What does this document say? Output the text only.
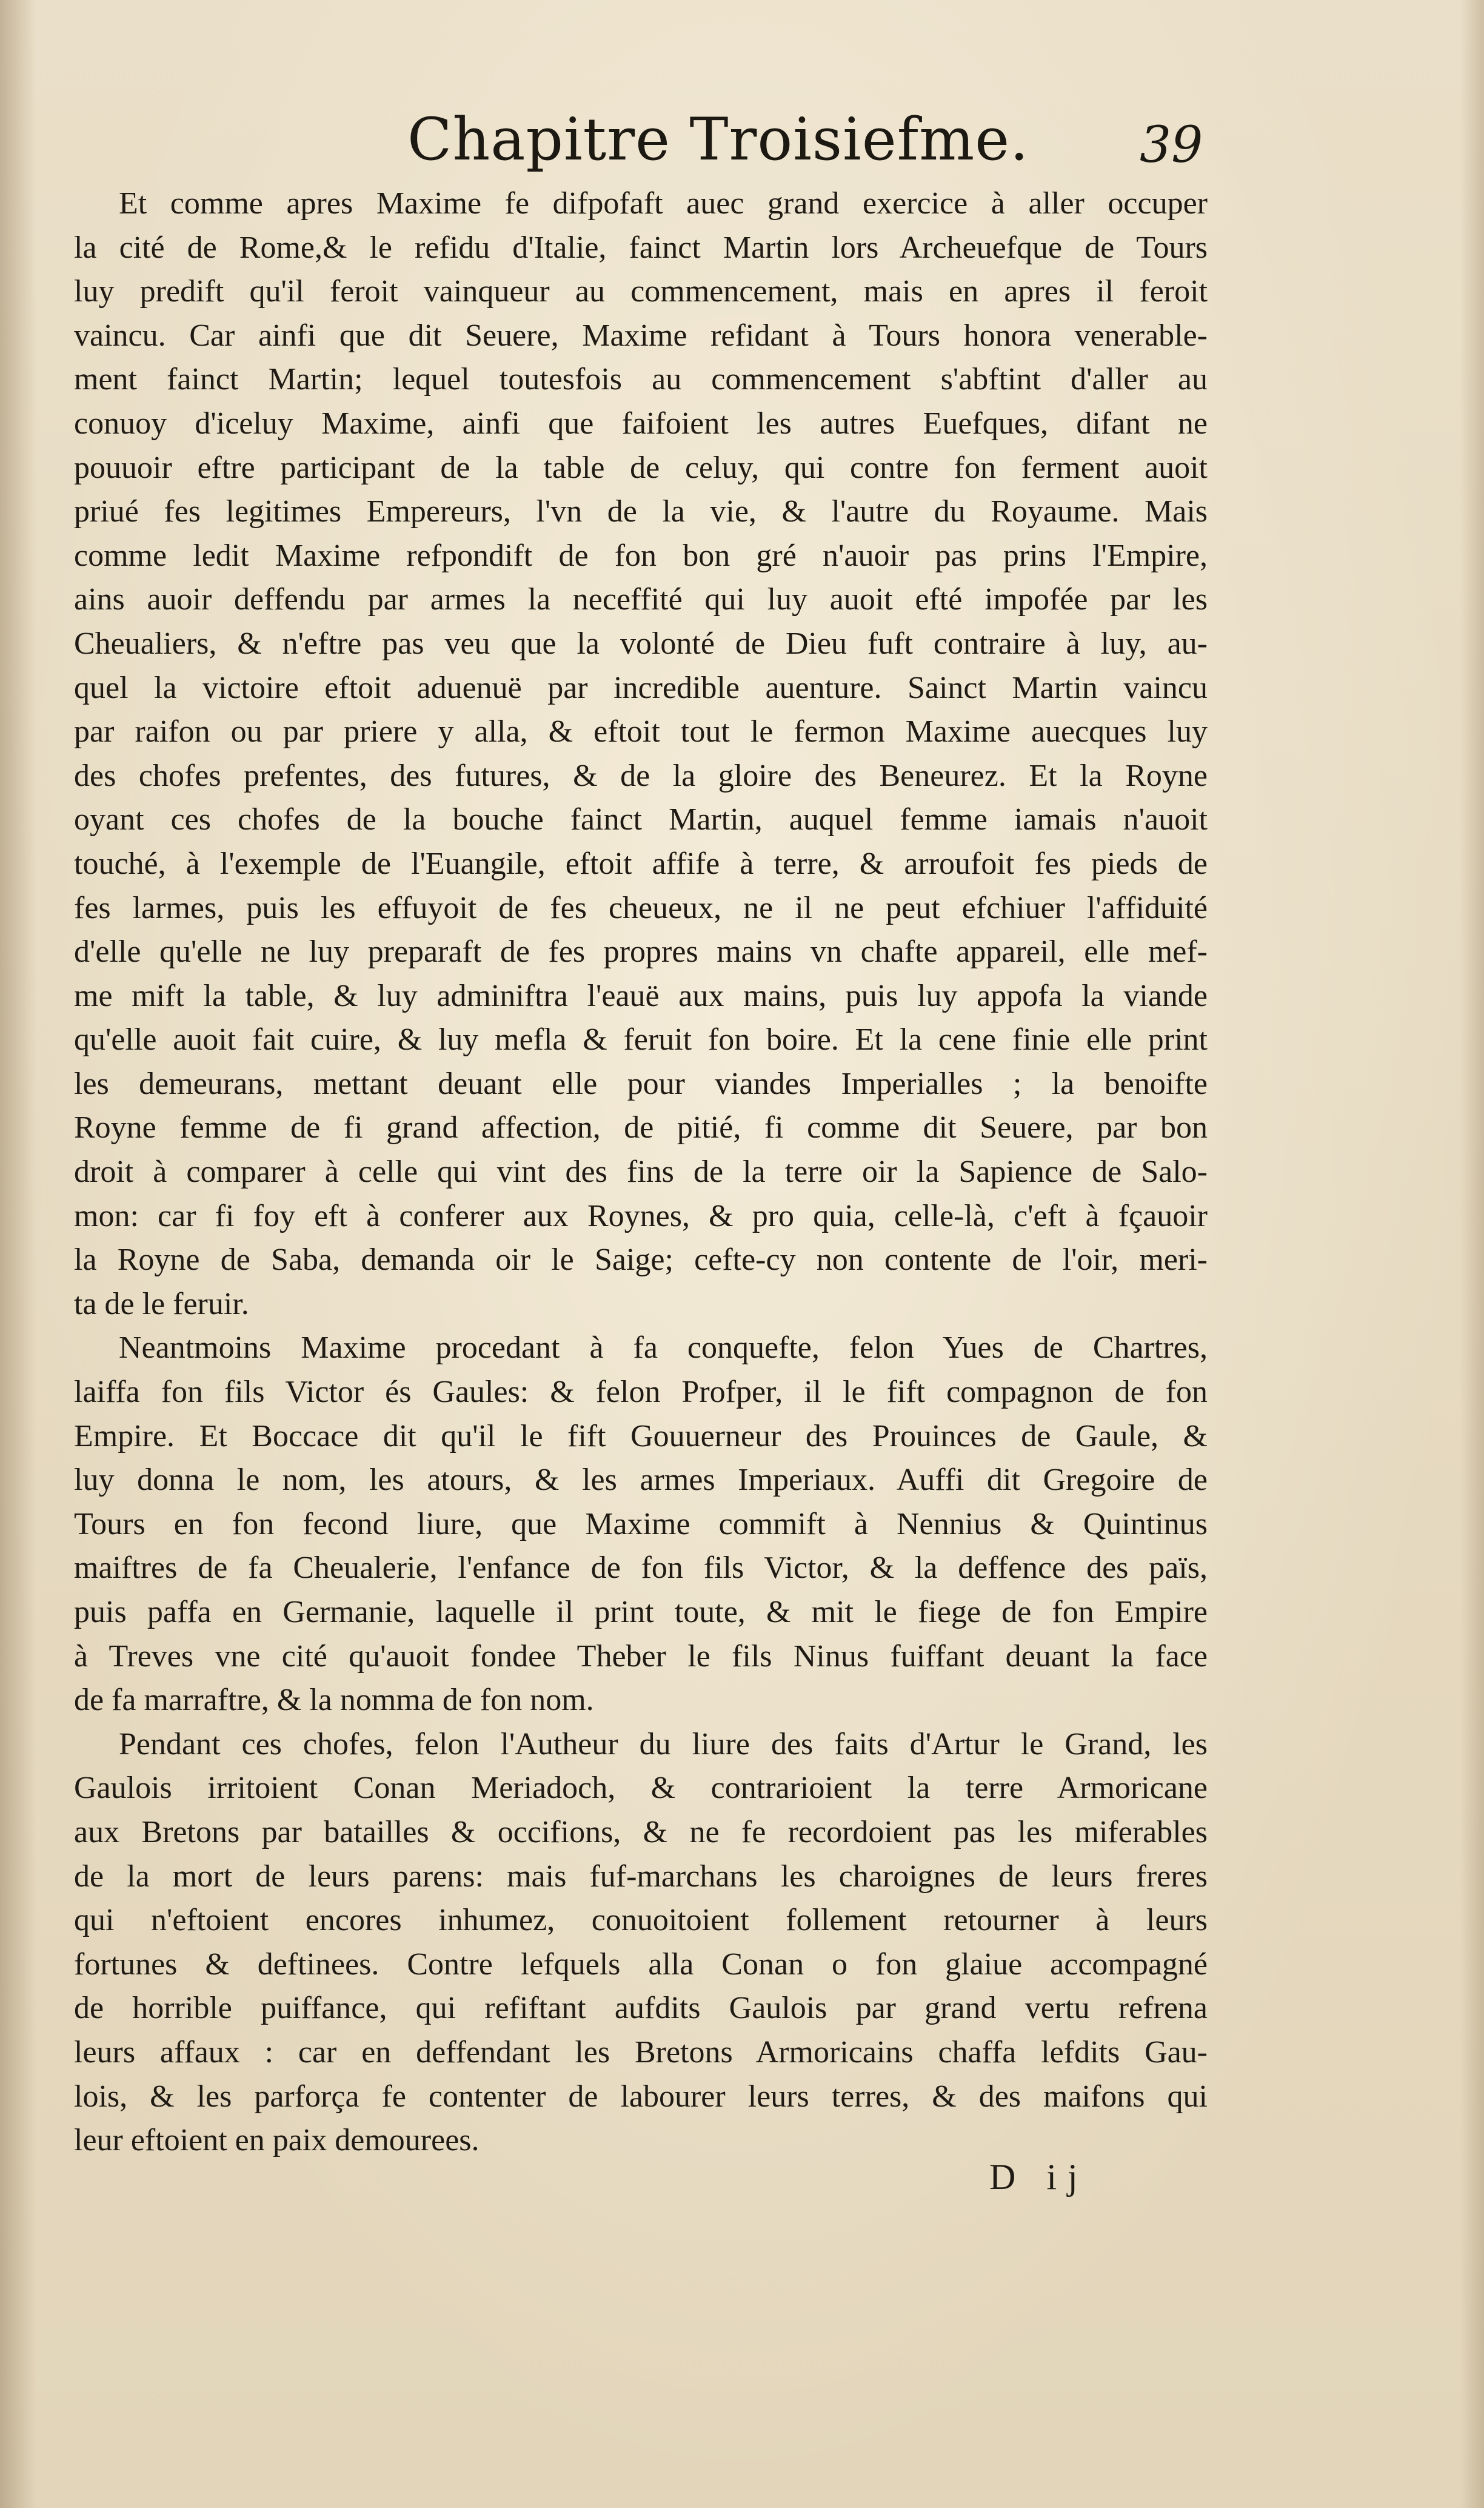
Chapitre Troisiefme. 39
Et comme apres Maxime fe difpofaft auec grand exercice à aller occuper
la cité de Rome,& le refidu d'Italie, fainct Martin lors Archeuefque de Tours
luy predift qu'il feroit vainqueur au commencement, mais en apres il feroit
vaincu. Car ainfi que dit Seuere, Maxime refidant à Tours honora venerable-
ment fainct Martin; lequel toutesfois au commencement s'abftint d'aller au
conuoy d'iceluy Maxime, ainfi que faifoient les autres Euefques, difant ne
pouuoir eftre participant de la table de celuy, qui contre fon ferment auoit
priué fes legitimes Empereurs, l'vn de la vie, & l'autre du Royaume. Mais
comme ledit Maxime refpondift de fon bon gré n'auoir pas prins l'Empire,
ains auoir deffendu par armes la neceffité qui luy auoit efté impofée par les
Cheualiers, & n'eftre pas veu que la volonté de Dieu fuft contraire à luy, au-
quel la victoire eftoit aduenuë par incredible auenture. Sainct Martin vaincu
par raifon ou par priere y alla, & eftoit tout le fermon Maxime auecques luy
des chofes prefentes, des futures, & de la gloire des Beneurez. Et la Royne
oyant ces chofes de la bouche fainct Martin, auquel femme iamais n'auoit
touché, à l'exemple de l'Euangile, eftoit affife à terre, & arroufoit fes pieds de
fes larmes, puis les effuyoit de fes cheueux, ne il ne peut efchiuer l'affiduité
d'elle qu'elle ne luy preparaft de fes propres mains vn chafte appareil, elle mef-
me mift la table, & luy adminiftra l'eauë aux mains, puis luy appofa la viande
qu'elle auoit fait cuire, & luy mefla & feruit fon boire. Et la cene finie elle print
les demeurans, mettant deuant elle pour viandes Imperialles ; la benoifte
Royne femme de fi grand affection, de pitié, fi comme dit Seuere, par bon
droit à comparer à celle qui vint des fins de la terre oir la Sapience de Salo-
mon: car fi foy eft à conferer aux Roynes, & pro quia, celle-là, c'eft à fçauoir
la Royne de Saba, demanda oir le Saige; cefte-cy non contente de l'oir, meri-
ta de le feruir.
Neantmoins Maxime procedant à fa conquefte, felon Yues de Chartres,
laiffa fon fils Victor és Gaules: & felon Profper, il le fift compagnon de fon
Empire. Et Boccace dit qu'il le fift Gouuerneur des Prouinces de Gaule, &
luy donna le nom, les atours, & les armes Imperiaux. Auffi dit Gregoire de
Tours en fon fecond liure, que Maxime commift à Nennius & Quintinus
maiftres de fa Cheualerie, l'enfance de fon fils Victor, & la deffence des païs,
puis paffa en Germanie, laquelle il print toute, & mit le fiege de fon Empire
à Treves vne cité qu'auoit fondee Theber le fils Ninus fuiffant deuant la face
de fa marraftre, & la nomma de fon nom.
Pendant ces chofes, felon l'Autheur du liure des faits d'Artur le Grand, les
Gaulois irritoient Conan Meriadoch, & contrarioient la terre Armoricane
aux Bretons par batailles & occifions, & ne fe recordoient pas les miferables
de la mort de leurs parens: mais fuf-marchans les charoignes de leurs freres
qui n'eftoient encores inhumez, conuoitoient follement retourner à leurs
fortunes & deftinees. Contre lefquels alla Conan o fon glaiue accompagné
de horrible puiffance, qui refiftant aufdits Gaulois par grand vertu refrena
leurs affaux : car en deffendant les Bretons Armoricains chaffa lefdits Gau-
lois, & les parforça fe contenter de labourer leurs terres, & des maifons qui
leur eftoient en paix demourees.
D ij
